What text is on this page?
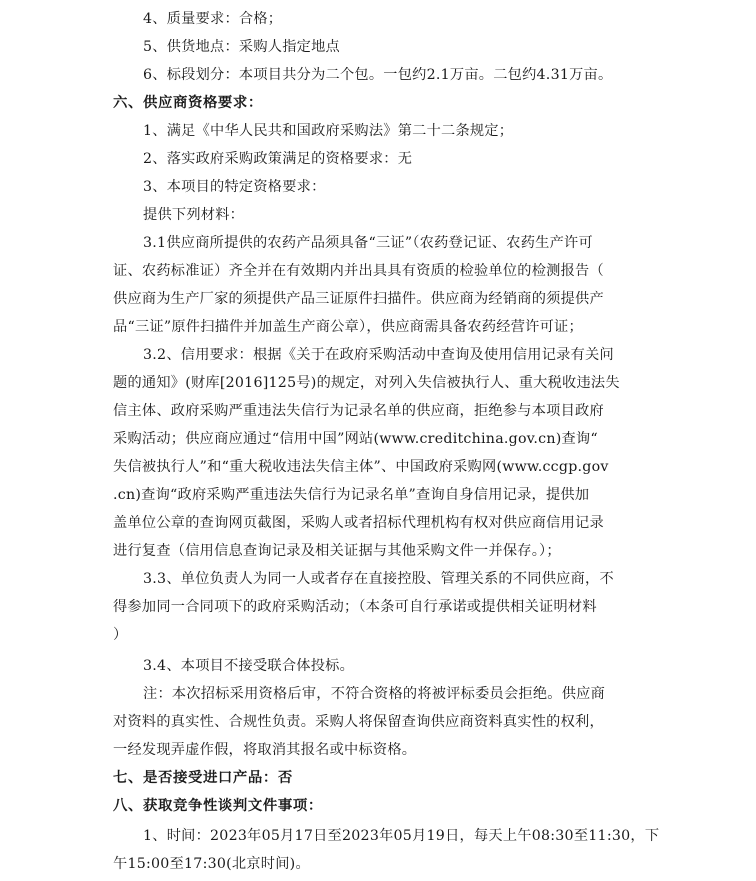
4、质量要求：合格；
5、供货地点：采购人指定地点
6、标段划分：本项目共分为二个包。一包约2.1万亩。二包约4.31万亩。
六、供应商资格要求：
1、满足《中华人民共和国政府采购法》第二十二条规定；
2、落实政府采购政策满足的资格要求：无
3、本项目的特定资格要求：
提供下列材料：
3.1供应商所提供的农药产品须具备“三证”（农药登记证、农药生产许可
证、农药标准证）齐全并在有效期内并出具具有资质的检验单位的检测报告（
供应商为生产厂家的须提供产品三证原件扫描件。供应商为经销商的须提供产
品“三证”原件扫描件并加盖生产商公章），供应商需具备农药经营许可证；
3.2、信用要求：根据《关于在政府采购活动中查询及使用信用记录有关问
题的通知》(财库[2016]125号)的规定，对列入失信被执行人、重大税收违法失
信主体、政府采购严重违法失信行为记录名单的供应商，拒绝参与本项目政府
采购活动；供应商应通过“信用中国”网站(www.creditchina.gov.cn)查询“
失信被执行人”和“重大税收违法失信主体”、中国政府采购网(www.ccgp.gov
.cn)查询“政府采购严重违法失信行为记录名单”查询自身信用记录，提供加
盖单位公章的查询网页截图，采购人或者招标代理机构有权对供应商信用记录
进行复查（信用信息查询记录及相关证据与其他采购文件一并保存。）；
3.3、单位负责人为同一人或者存在直接控股、管理关系的不同供应商，不
得参加同一合同项下的政府采购活动；（本条可自行承诺或提供相关证明材料
）
3.4、本项目不接受联合体投标。
注：本次招标采用资格后审，不符合资格的将被评标委员会拒绝。供应商
对资料的真实性、合规性负责。采购人将保留查询供应商资料真实性的权利，
一经发现弄虚作假，将取消其报名或中标资格。
七、是否接受进口产品：否
八、获取竞争性谈判文件事项：
1、时间：2023年05月17日至2023年05月19日，每天上午08:30至11:30，下
午15:00至17:30(北京时间)。
